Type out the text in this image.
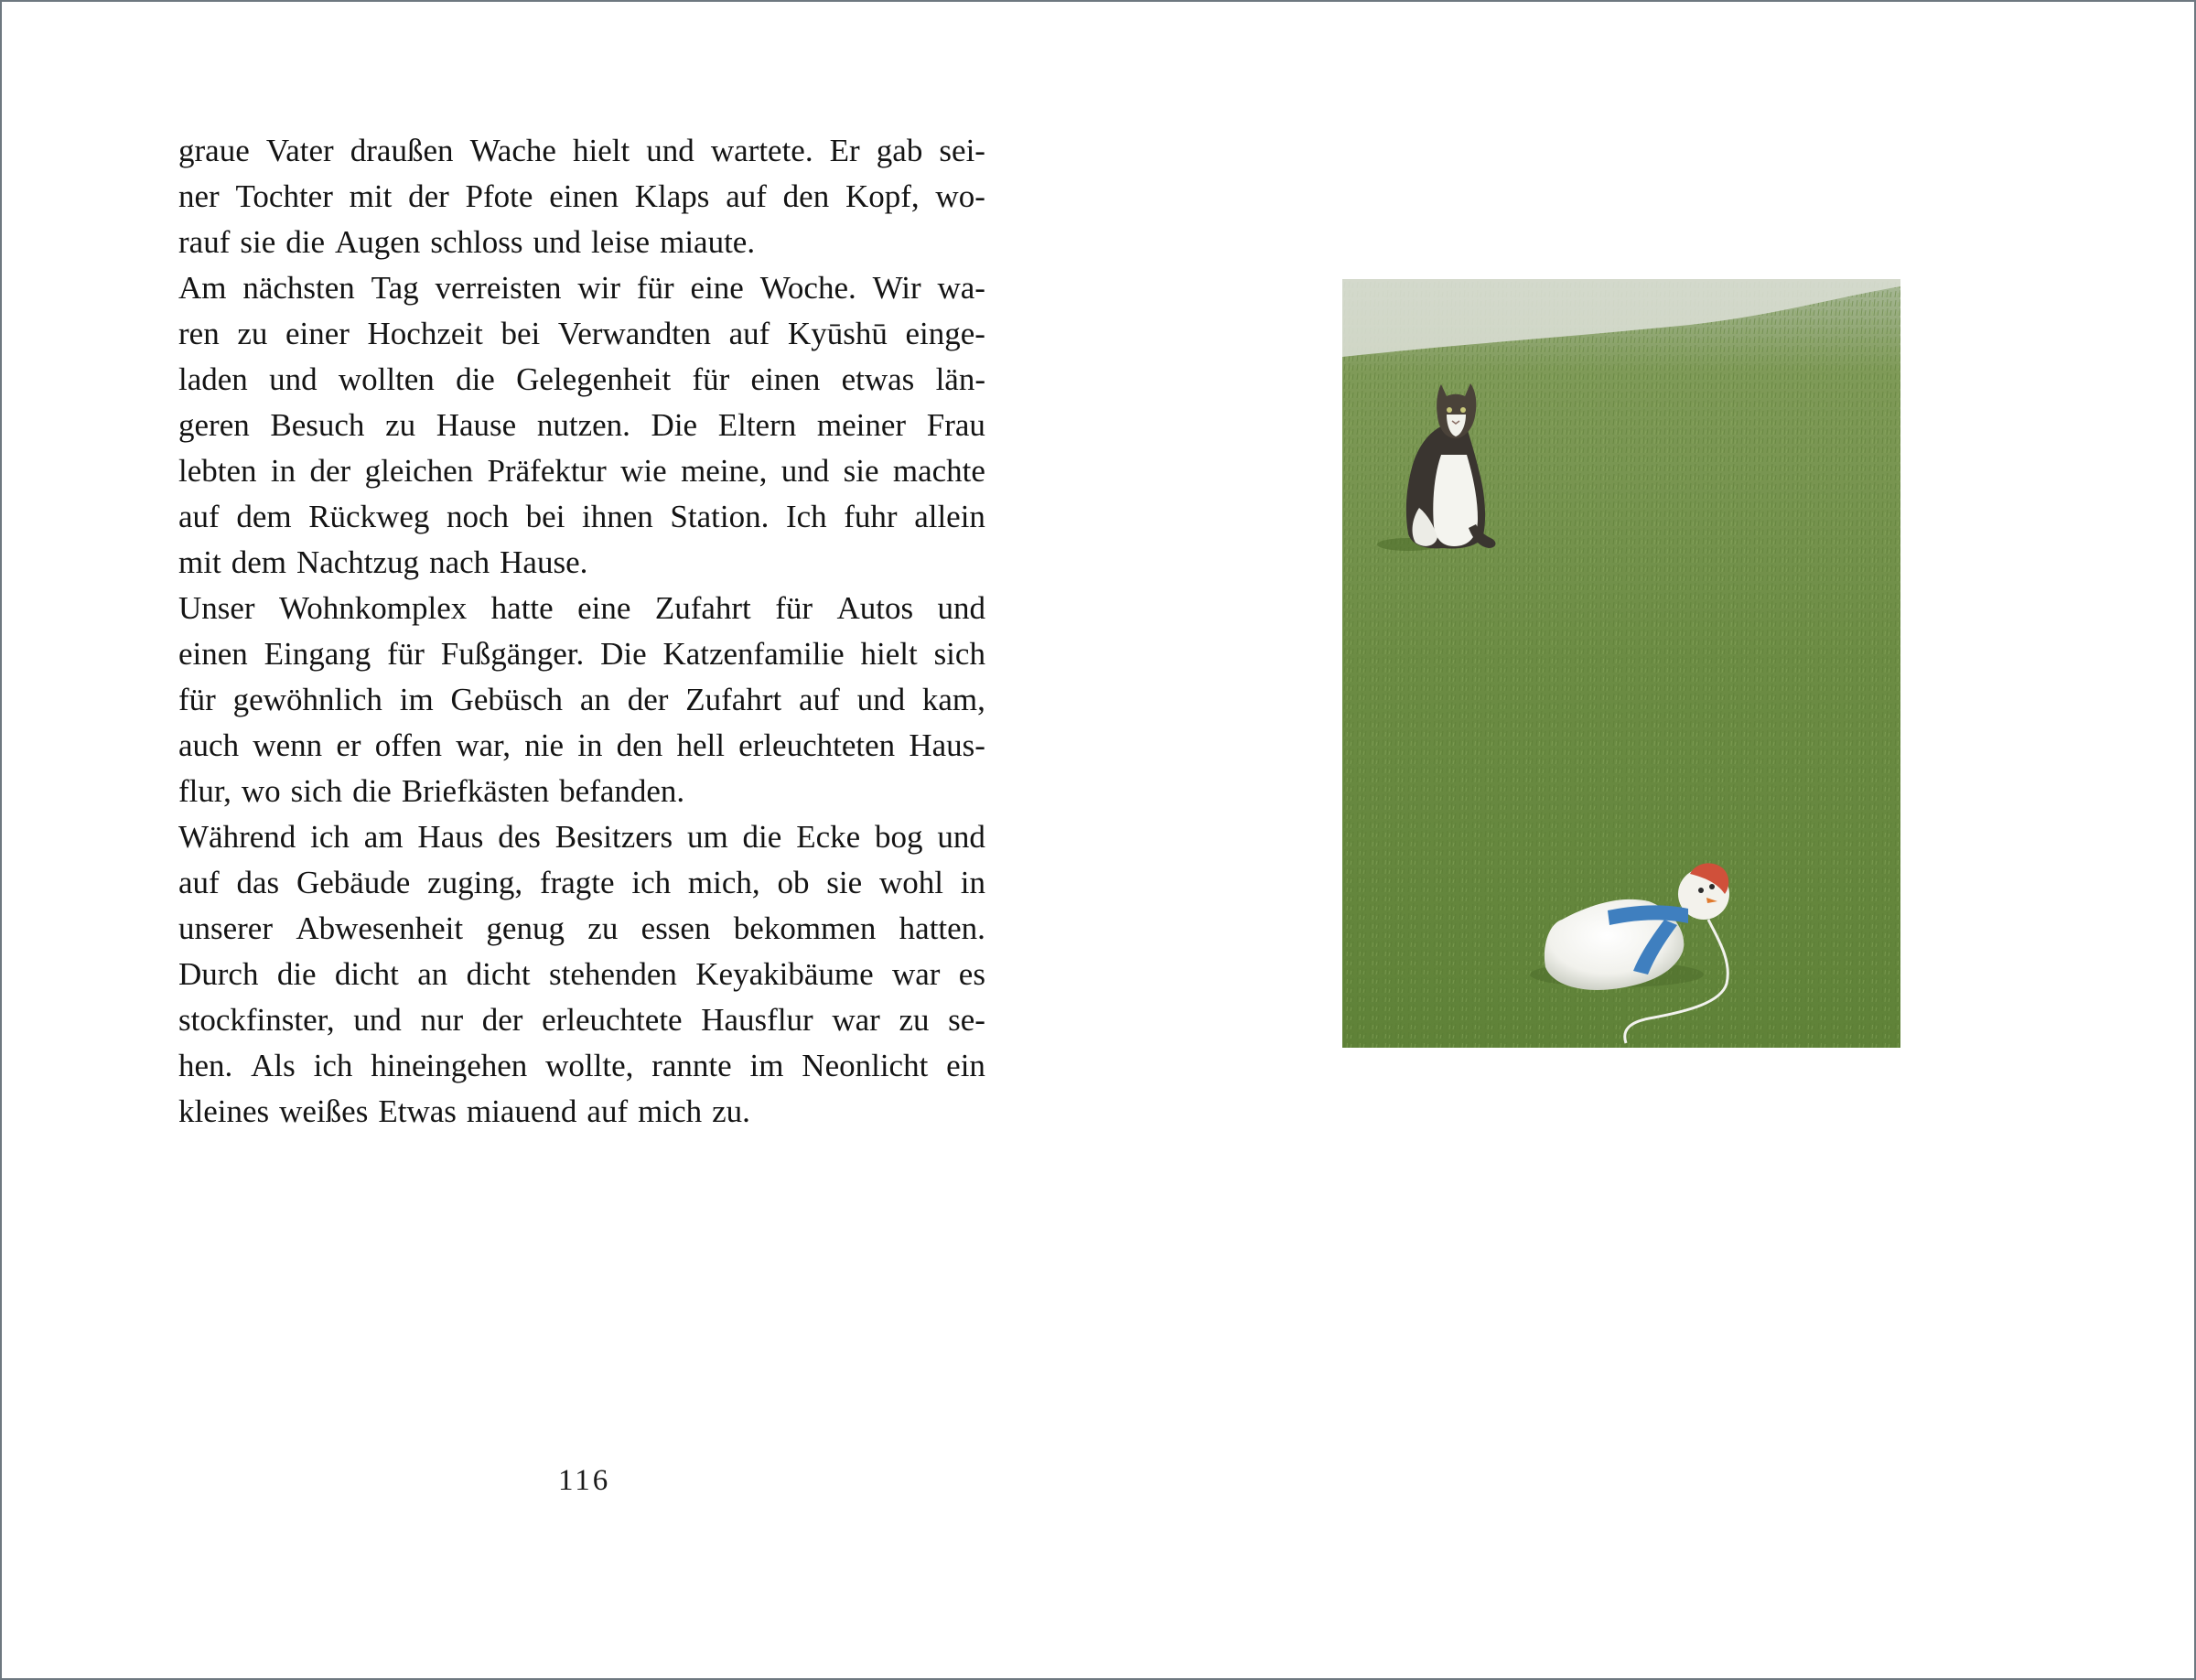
graue Vater draußen Wache hielt und wartete. Er gab sei-
ner Tochter mit der Pfote einen Klaps auf den Kopf, wo-
rauf sie die Augen schloss und leise miaute.
Am nächsten Tag verreisten wir für eine Woche. Wir wa-
ren zu einer Hochzeit bei Verwandten auf Kyūshū einge-
laden und wollten die Gelegenheit für einen etwas län-
geren Besuch zu Hause nutzen. Die Eltern meiner Frau
lebten in der gleichen Präfektur wie meine, und sie machte
auf dem Rückweg noch bei ihnen Station. Ich fuhr allein
mit dem Nachtzug nach Hause.
Unser Wohnkomplex hatte eine Zufahrt für Autos und
einen Eingang für Fußgänger. Die Katzenfamilie hielt sich
für gewöhnlich im Gebüsch an der Zufahrt auf und kam,
auch wenn er offen war, nie in den hell erleuchteten Haus-
flur, wo sich die Briefkästen befanden.
Während ich am Haus des Besitzers um die Ecke bog und
auf das Gebäude zuging, fragte ich mich, ob sie wohl in
unserer Abwesenheit genug zu essen bekommen hatten.
Durch die dicht an dicht stehenden Keyakibäume war es
stockfinster, und nur der erleuchtete Hausflur war zu se-
hen. Als ich hineingehen wollte, rannte im Neonlicht ein
kleines weißes Etwas miauend auf mich zu.
116
